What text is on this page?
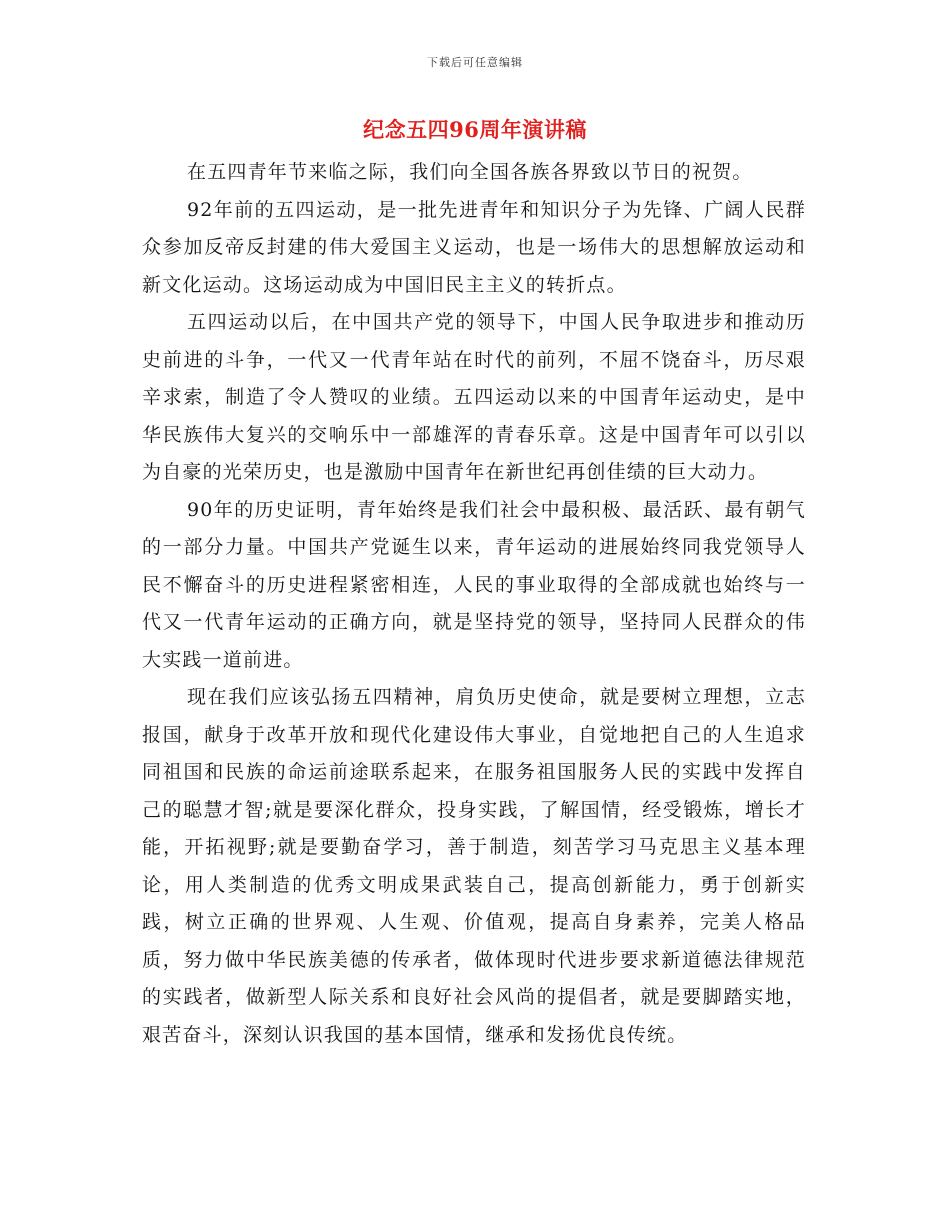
下载后可任意编辑
纪念五四96周年演讲稿

在五四青年节来临之际，我们向全国各族各界致以节日的祝贺。

92年前的五四运动，是一批先进青年和知识分子为先锋、广阔人民群众参加反帝反封建的伟大爱国主义运动，也是一场伟大的思想解放运动和新文化运动。这场运动成为中国旧民主主义的转折点。

五四运动以后，在中国共产党的领导下，中国人民争取进步和推动历史前进的斗争，一代又一代青年站在时代的前列，不屈不饶奋斗，历尽艰辛求索，制造了令人赞叹的业绩。五四运动以来的中国青年运动史，是中华民族伟大复兴的交响乐中一部雄浑的青春乐章。这是中国青年可以引以为自豪的光荣历史，也是激励中国青年在新世纪再创佳绩的巨大动力。

90年的历史证明，青年始终是我们社会中最积极、最活跃、最有朝气的一部分力量。中国共产党诞生以来，青年运动的进展始终同我党领导人民不懈奋斗的历史进程紧密相连，人民的事业取得的全部成就也始终与一代又一代青年运动的正确方向，就是坚持党的领导，坚持同人民群众的伟大实践一道前进。

现在我们应该弘扬五四精神，肩负历史使命，就是要树立理想，立志报国，献身于改革开放和现代化建设伟大事业，自觉地把自己的人生追求同祖国和民族的命运前途联系起来，在服务祖国服务人民的实践中发挥自己的聪慧才智;就是要深化群众，投身实践，了解国情，经受锻炼，增长才能，开拓视野;就是要勤奋学习，善于制造，刻苦学习马克思主义基本理论，用人类制造的优秀文明成果武装自己，提高创新能力，勇于创新实践，树立正确的世界观、人生观、价值观，提高自身素养，完美人格品质，努力做中华民族美德的传承者，做体现时代进步要求新道德法律规范的实践者，做新型人际关系和良好社会风尚的提倡者，就是要脚踏实地，艰苦奋斗，深刻认识我国的基本国情，继承和发扬优良传统。
